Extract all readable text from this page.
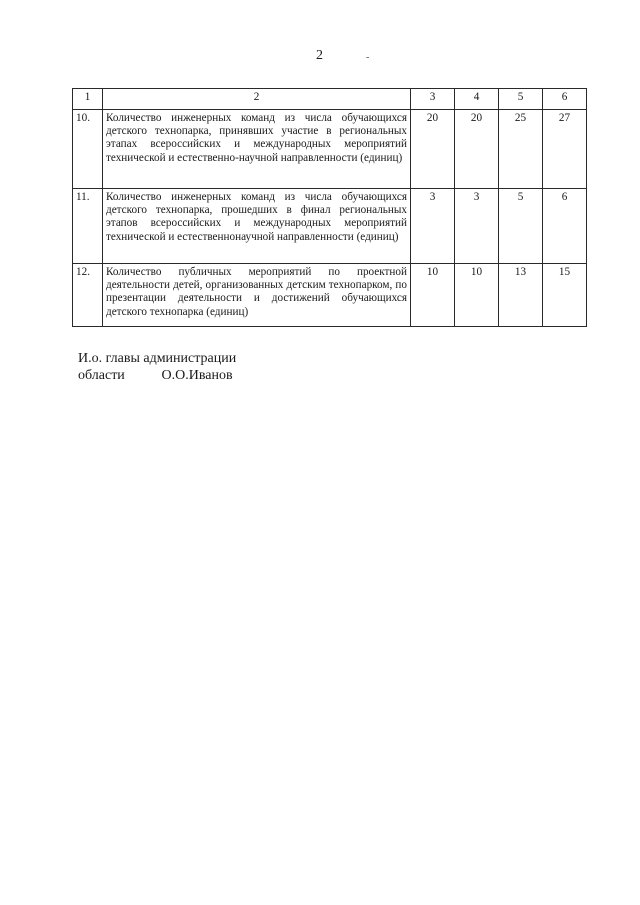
2	-
1	2	3	4	5	6
10.	Количество инженерных команд из числа обучающихся детского технопарка, принявших участие в региональных этапах всероссийских и международных мероприятий технической и естественно-научной направленности (единиц)	20	20	25	27
11.	Количество инженерных команд из числа обучающихся детского технопарка, прошедших в финал региональных этапов всероссийских и международных мероприятий технической и естественнонаучной направленности (единиц)	3	3	5	6
12.	Количество публичных мероприятий по проектной деятельности детей, организованных детским технопарком, по презентации деятельности и достижений обучающихся детского технопарка (единиц)	10	10	13	15
И.о. главы администрации
области	О.О.Иванов
